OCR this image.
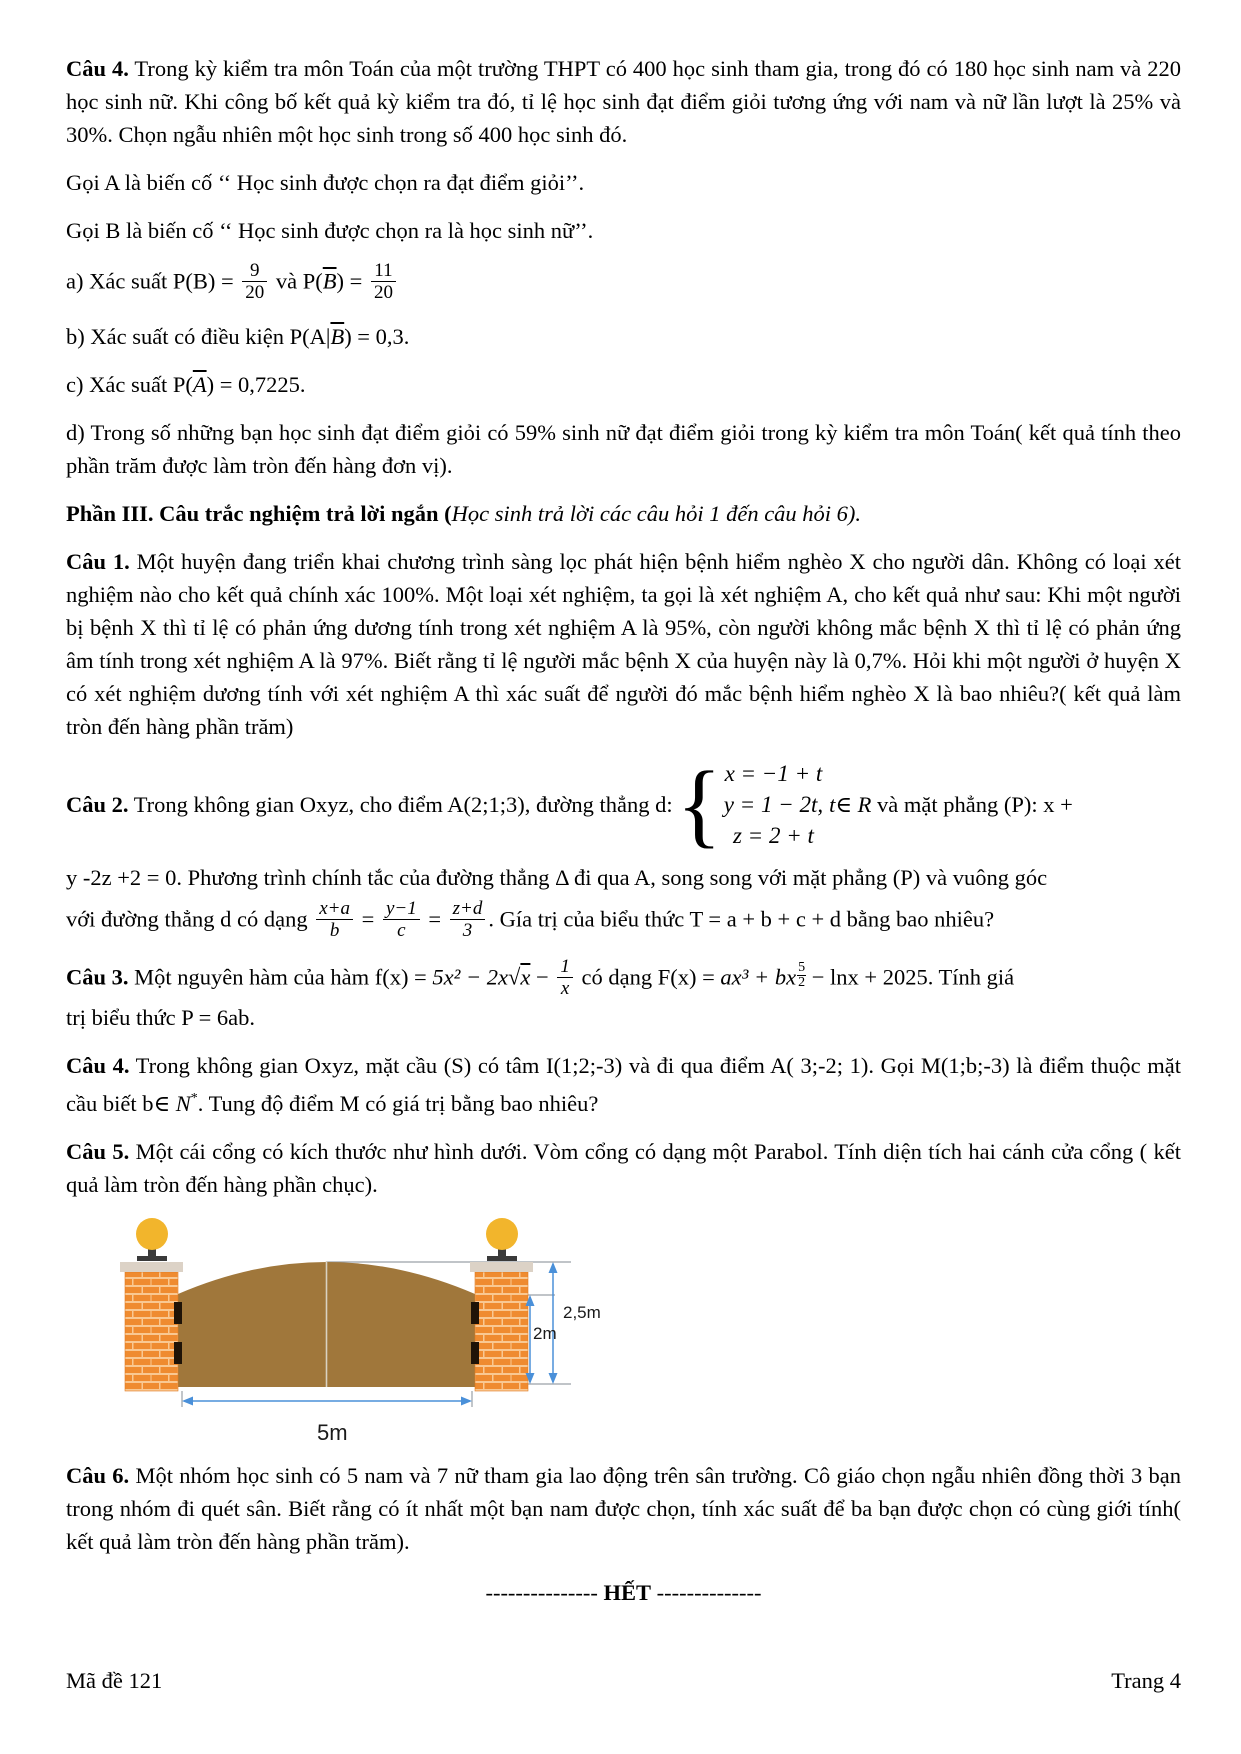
Câu 4. Trong kỳ kiểm tra môn Toán của một trường THPT có 400 học sinh tham gia, trong đó có 180 học sinh nam và 220 học sinh nữ. Khi công bố kết quả kỳ kiểm tra đó, tỉ lệ học sinh đạt điểm giỏi tương ứng với nam và nữ lần lượt là 25% và 30%. Chọn ngẫu nhiên một học sinh trong số 400 học sinh đó.

Gọi A là biến cố ‘‘ Học sinh được chọn ra đạt điểm giỏi’’.

Gọi B là biến cố ‘‘ Học sinh được chọn ra là học sinh nữ’’.

a) Xác suất $P(B) = \frac{9}{20}$ và $P(\overline{B}) = \frac{11}{20}$

b) Xác suất có điều kiện $P(A|\overline{B}) = 0,3$.

c) Xác suất $P(\overline{A}) = 0,7225$.

d) Trong số những bạn học sinh đạt điểm giỏi có 59% sinh nữ đạt điểm giỏi trong kỳ kiểm tra môn Toán( kết quả tính theo phần trăm được làm tròn đến hàng đơn vị).

Phần III. Câu trắc nghiệm trả lời ngắn (Học sinh trả lời các câu hỏi 1 đến câu hỏi 6).

Câu 1. Một huyện đang triển khai chương trình sàng lọc phát hiện bệnh hiểm nghèo X cho người dân. Không có loại xét nghiệm nào cho kết quả chính xác 100%. Một loại xét nghiệm, ta gọi là xét nghiệm A, cho kết quả như sau: Khi một người bị bệnh X thì tỉ lệ có phản ứng dương tính trong xét nghiệm A là 95%, còn người không mắc bệnh X thì tỉ lệ có phản ứng âm tính trong xét nghiệm A là 97%. Biết rằng tỉ lệ người mắc bệnh X của huyện này là 0,7%. Hỏi khi một người ở huyện X có xét nghiệm dương tính với xét nghiệm A thì xác suất để người đó mắc bệnh hiểm nghèo X là bao nhiêu?( kết quả làm tròn đến hàng phần trăm)

Câu 2. Trong không gian Oxyz, cho điểm A(2;1;3), đường thẳng d: { x = −1 + t
y = 1 − 2t,
z = 2 + t
t∈ R và mặt phẳng (P): x +
y -2z +2 = 0. Phương trình chính tắc của đường thẳng Δ đi qua A, song song với mặt phẳng (P) và vuông góc
với đường thẳng d có dạng $\frac{x+a}{b} = \frac{y-1}{c} = \frac{z+d}{3}$ . Gía trị của biểu thức T = a + b + c + d bằng bao nhiêu?
Câu 3. Một nguyên hàm của hàm $f(x) = 5x^2 - 2x√x - \frac{1}{x}$ có dạng F(x) = ax³ + bx $\frac{5}{2} - \ln x + 2025$. Tính giá
trị biểu thức P = 6ab.

Câu 4. Trong không gian Oxyz, mặt cầu (S) có tâm I(1;2;-3) và đi qua điểm A( 3;-2; 1). Gọi M(1;b;-3) là điểm thuộc mặt cầu biết b∈ N*. Tung độ điểm M có giá trị bằng bao nhiêu?

Câu 5. Một cái cổng có kích thước như hình dưới. Vòm cổng có dạng một Parabol. Tính diện tích hai cánh cửa cổng ( kết quả làm tròn đến hàng phần chục).

2,5m
2m
5m

Câu 6. Một nhóm học sinh có 5 nam và 7 nữ tham gia lao động trên sân trường. Cô giáo chọn ngẫu nhiên đồng thời 3 bạn trong nhóm đi quét sân. Biết rằng có ít nhất một bạn nam được chọn, tính xác suất để ba bạn được chọn có cùng giới tính( kết quả làm tròn đến hàng phần trăm).

--------------- HẾT --------------

Mã đề 121	Trang 4
